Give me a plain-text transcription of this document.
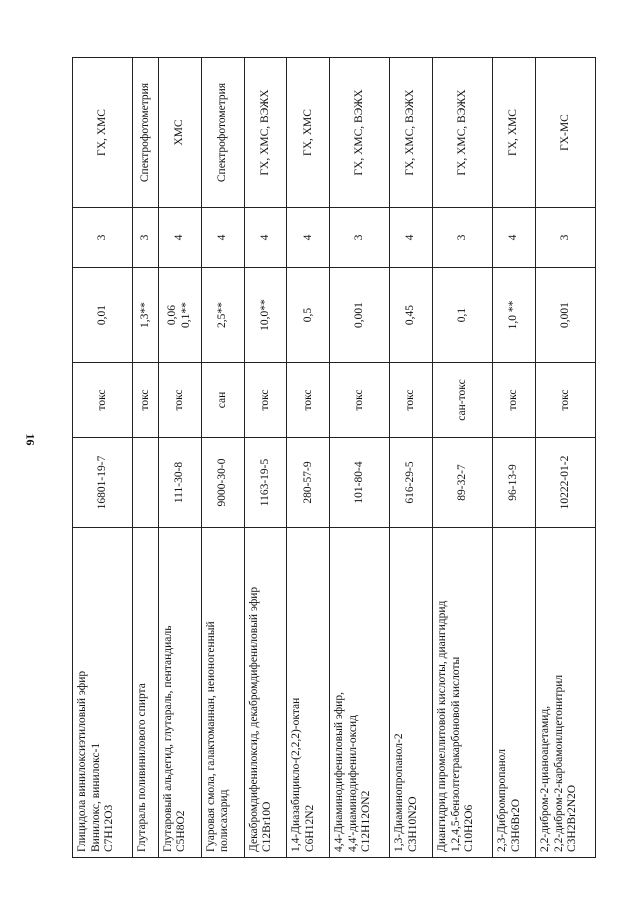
16
Глицидола винилоксиэтиловый эфир Винилокс, винилокс-1 C7H12O3	16801-19-7	токс	0,01	3	ГХ, ХМС

Глутараль поливинилового спирта		токс	1,3**	3	Спектрофотометрия

Глутаровый альдегид, глутараль, пентандиаль C5H8O2	111-30-8	токс	0,06 0,1**	4	ХМС

Гуаровая смола, галактоманнан, неионогенный полисахарид	9000-30-0	сан	2,5**	4	Спектрофотометрия

Декабромдифенилоксид, декабромдифениловый эфир C12Br10O	1163-19-5	токс	10,0**	4	ГХ, ХМС, ВЭЖХ

1,4-Диазабицикло-(2,2,2)-октан C6H12N2	280-57-9	токс	0,5	4	ГХ, ХМС

4,4-Диаминодифениловый эфир, 4,4'-диаминодифенил-оксид C12H12ON2	101-80-4	токс	0,001	3	ГХ, ХМС, ВЭЖХ

1,3-Диаминопропанол-2 C3H10N2O	616-29-5	токс	0,45	4	ГХ, ХМС, ВЭЖХ

Диангидрид пиромеллитовой кислоты, диангидрид 1,2,4,5-бензолтетракарбоновой кислоты C10H2O6	89-32-7	сан-токс	0,1	3	ГХ, ХМС, ВЭЖХ

2,3-Дибромпропанол C3H6Br2O	96-13-9	токс	1,0 **	4	ГХ, ХМС

2,2-дибром-2-цианоацетамид, 2,2-дибром-2-карбамоилцетонитрил C3H2Br2N2O	10222-01-2	токс	0,001	3	ГХ-МС
